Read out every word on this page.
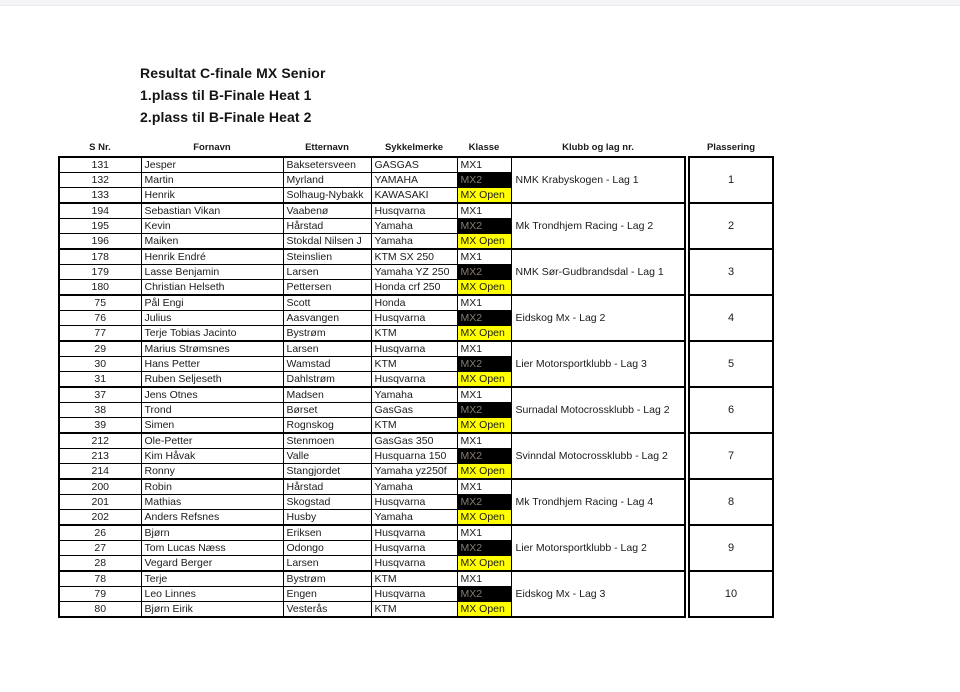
Resultat C-finale MX Senior
1.plass til B-Finale Heat 1
2.plass til B-Finale Heat 2
S Nr.	Fornavn	Etternavn	Sykkelmerke	Klasse	Klubb og lag nr.		Plassering
131	Jesper	Baksetersveen	GASGAS	MX1	NMK Krabyskogen - Lag 1		1
132	Martin	Myrland	YAMAHA	MX2			
133	Henrik	Solhaug-Nybakk	KAWASAKI	MX Open			
194	Sebastian Vikan	Vaabenø	Husqvarna	MX1	Mk Trondhjem Racing - Lag 2		2
195	Kevin	Hårstad	Yamaha	MX2			
196	Maiken	Stokdal Nilsen J	Yamaha	MX Open			
178	Henrik Endré	Steinslien	KTM SX 250	MX1	NMK Sør-Gudbrandsdal - Lag 1		3
179	Lasse Benjamin	Larsen	Yamaha YZ 250	MX2			
180	Christian Helseth	Pettersen	Honda crf 250	MX Open			
75	Pål Engi	Scott	Honda	MX1	Eidskog Mx - Lag 2		4
76	Julius	Aasvangen	Husqvarna	MX2			
77	Terje Tobias Jacinto	Bystrøm	KTM	MX Open			
29	Marius Strømsnes	Larsen	Husqvarna	MX1	Lier Motorsportklubb - Lag 3		5
30	Hans Petter	Wamstad	KTM	MX2			
31	Ruben Seljeseth	Dahlstrøm	Husqvarna	MX Open			
37	Jens Otnes	Madsen	Yamaha	MX1	Surnadal Motocrossklubb - Lag 2		6
38	Trond	Børset	GasGas	MX2			
39	Simen	Rognskog	KTM	MX Open			
212	Ole-Petter	Stenmoen	GasGas 350	MX1	Svinndal Motocrossklubb - Lag 2		7
213	Kim Håvak	Valle	Husquarna 150	MX2			
214	Ronny	Stangjordet	Yamaha yz250f	MX Open			
200	Robin	Hårstad	Yamaha	MX1	Mk Trondhjem Racing - Lag 4		8
201	Mathias	Skogstad	Husqvarna	MX2			
202	Anders Refsnes	Husby	Yamaha	MX Open			
26	Bjørn	Eriksen	Husqvarna	MX1	Lier Motorsportklubb - Lag 2		9
27	Tom Lucas Næss	Odongo	Husqvarna	MX2			
28	Vegard Berger	Larsen	Husqvarna	MX Open			
78	Terje	Bystrøm	KTM	MX1	Eidskog Mx - Lag 3		10
79	Leo Linnes	Engen	Husqvarna	MX2			
80	Bjørn Eirik	Vesterås	KTM	MX Open			
